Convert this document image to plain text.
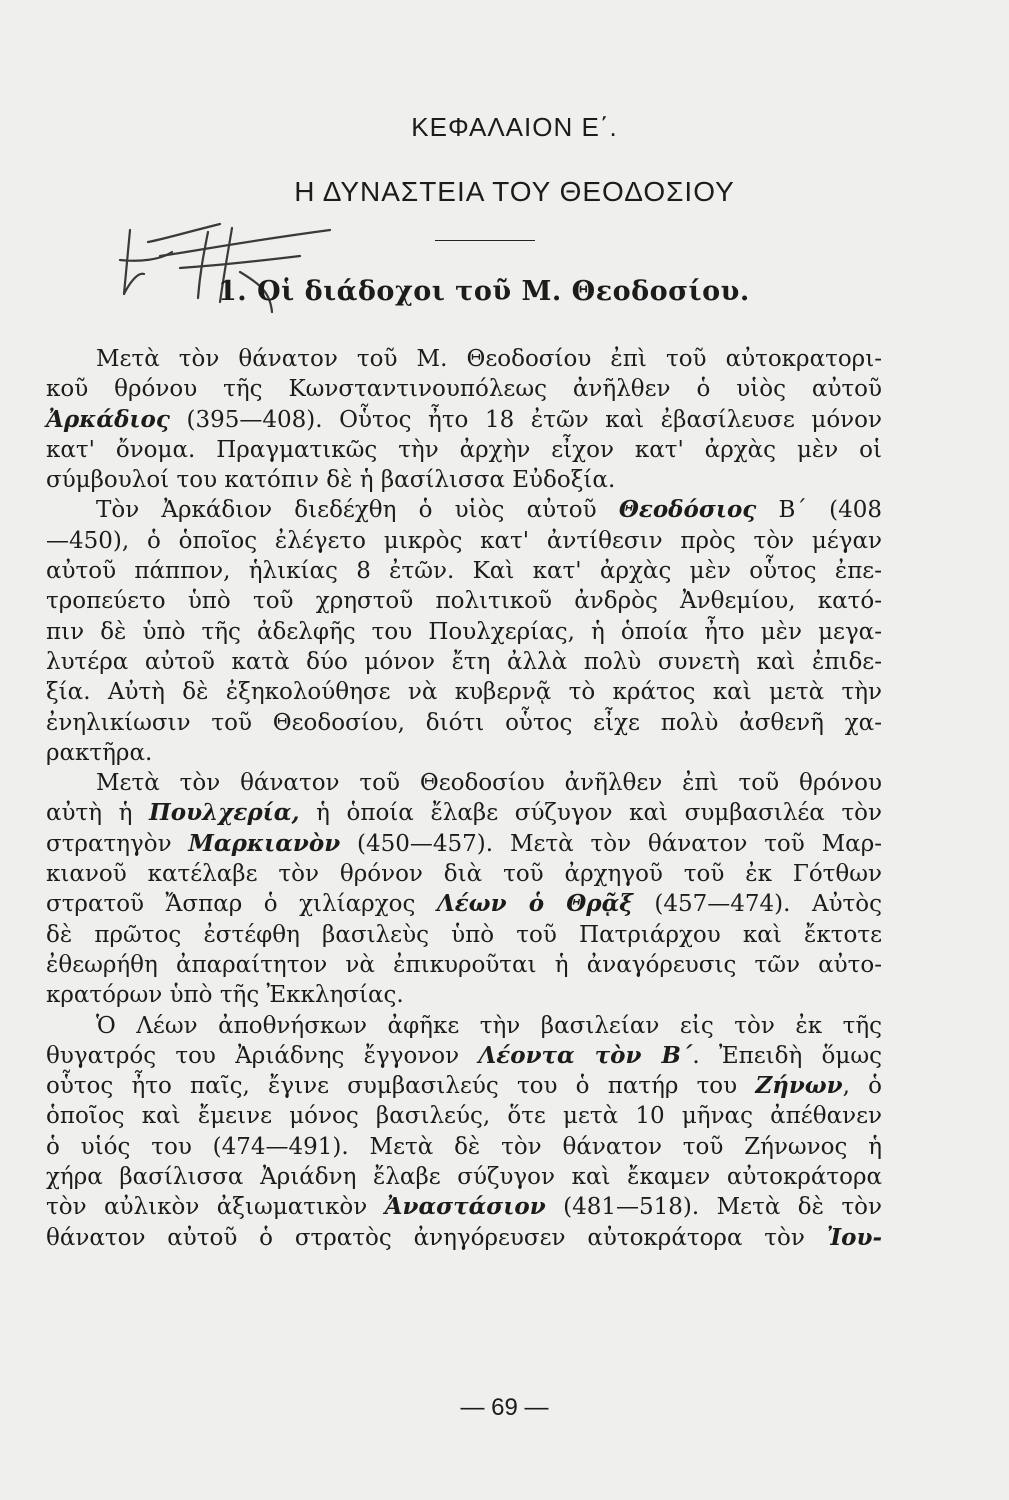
ΚΕΦΑΛΑΙΟΝ Ε΄.
Η ΔΥΝΑΣΤΕΙΑ ΤΟΥ ΘΕΟΔΟΣΙΟΥ
1. Οἱ διάδοχοι τοῦ Μ. Θεοδοσίου.
Μετὰ τὸν θάνατον τοῦ Μ. Θεοδοσίου ἐπὶ τοῦ αὐτοκρατορι-
κοῦ θρόνου τῆς Κωνσταντινουπόλεως ἀνῆλθεν ὁ υἱὸς αὐτοῦ
Ἀρκάδιος (395—408). Οὗτος ἦτο 18 ἐτῶν καὶ ἐβασίλευσε μόνον
κατ' ὄνομα. Πραγματικῶς τὴν ἀρχὴν εἶχον κατ' ἀρχὰς μὲν οἱ
σύμβουλοί του κατόπιν δὲ ἡ βασίλισσα Εὐδοξία.
Τὸν Ἀρκάδιον διεδέχθη ὁ υἱὸς αὐτοῦ Θεοδόσιος Β΄ (408
—450), ὁ ὁποῖος ἐλέγετο μικρὸς κατ' ἀντίθεσιν πρὸς τὸν μέγαν
αὐτοῦ πάππον, ἡλικίας 8 ἐτῶν. Καὶ κατ' ἀρχὰς μὲν οὗτος ἐπε-
τροπεύετο ὑπὸ τοῦ χρηστοῦ πολιτικοῦ ἀνδρὸς Ἀνθεμίου, κατό-
πιν δὲ ὑπὸ τῆς ἀδελφῆς του Πουλχερίας, ἡ ὁποία ἦτο μὲν μεγα-
λυτέρα αὐτοῦ κατὰ δύο μόνον ἔτη ἀλλὰ πολὺ συνετὴ καὶ ἐπιδε-
ξία. Αὐτὴ δὲ ἐξηκολούθησε νὰ κυβερνᾷ τὸ κράτος καὶ μετὰ τὴν
ἐνηλικίωσιν τοῦ Θεοδοσίου, διότι οὗτος εἶχε πολὺ ἀσθενῆ χα-
ρακτῆρα.
Μετὰ τὸν θάνατον τοῦ Θεοδοσίου ἀνῆλθεν ἐπὶ τοῦ θρόνου
αὐτὴ ἡ Πουλχερία, ἡ ὁποία ἔλαβε σύζυγον καὶ συμβασιλέα τὸν
στρατηγὸν Μαρκιανὸν (450—457). Μετὰ τὸν θάνατον τοῦ Μαρ-
κιανοῦ κατέλαβε τὸν θρόνον διὰ τοῦ ἀρχηγοῦ τοῦ ἐκ Γότθων
στρατοῦ Ἄσπαρ ὁ χιλίαρχος Λέων ὁ Θρᾷξ (457—474). Αὐτὸς
δὲ πρῶτος ἐστέφθη βασιλεὺς ὑπὸ τοῦ Πατριάρχου καὶ ἔκτοτε
ἐθεωρήθη ἀπαραίτητον νὰ ἐπικυροῦται ἡ ἀναγόρευσις τῶν αὐτο-
κρατόρων ὑπὸ τῆς Ἐκκλησίας.
Ὁ Λέων ἀποθνήσκων ἀφῆκε τὴν βασιλείαν εἰς τὸν ἐκ τῆς
θυγατρός του Ἀριάδνης ἔγγονον Λέοντα τὸν Β΄. Ἐπειδὴ ὅμως
οὗτος ἦτο παῖς, ἔγινε συμβασιλεύς του ὁ πατήρ του Ζήνων, ὁ
ὁποῖος καὶ ἔμεινε μόνος βασιλεύς, ὅτε μετὰ 10 μῆνας ἀπέθανεν
ὁ υἱός του (474—491). Μετὰ δὲ τὸν θάνατον τοῦ Ζήνωνος ἡ
χήρα βασίλισσα Ἀριάδνη ἔλαβε σύζυγον καὶ ἔκαμεν αὐτοκράτορα
τὸν αὐλικὸν ἀξιωματικὸν Ἀναστάσιον (481—518). Μετὰ δὲ τὸν
θάνατον αὐτοῦ ὁ στρατὸς ἀνηγόρευσεν αὐτοκράτορα τὸν Ἰου-
— 69 —
